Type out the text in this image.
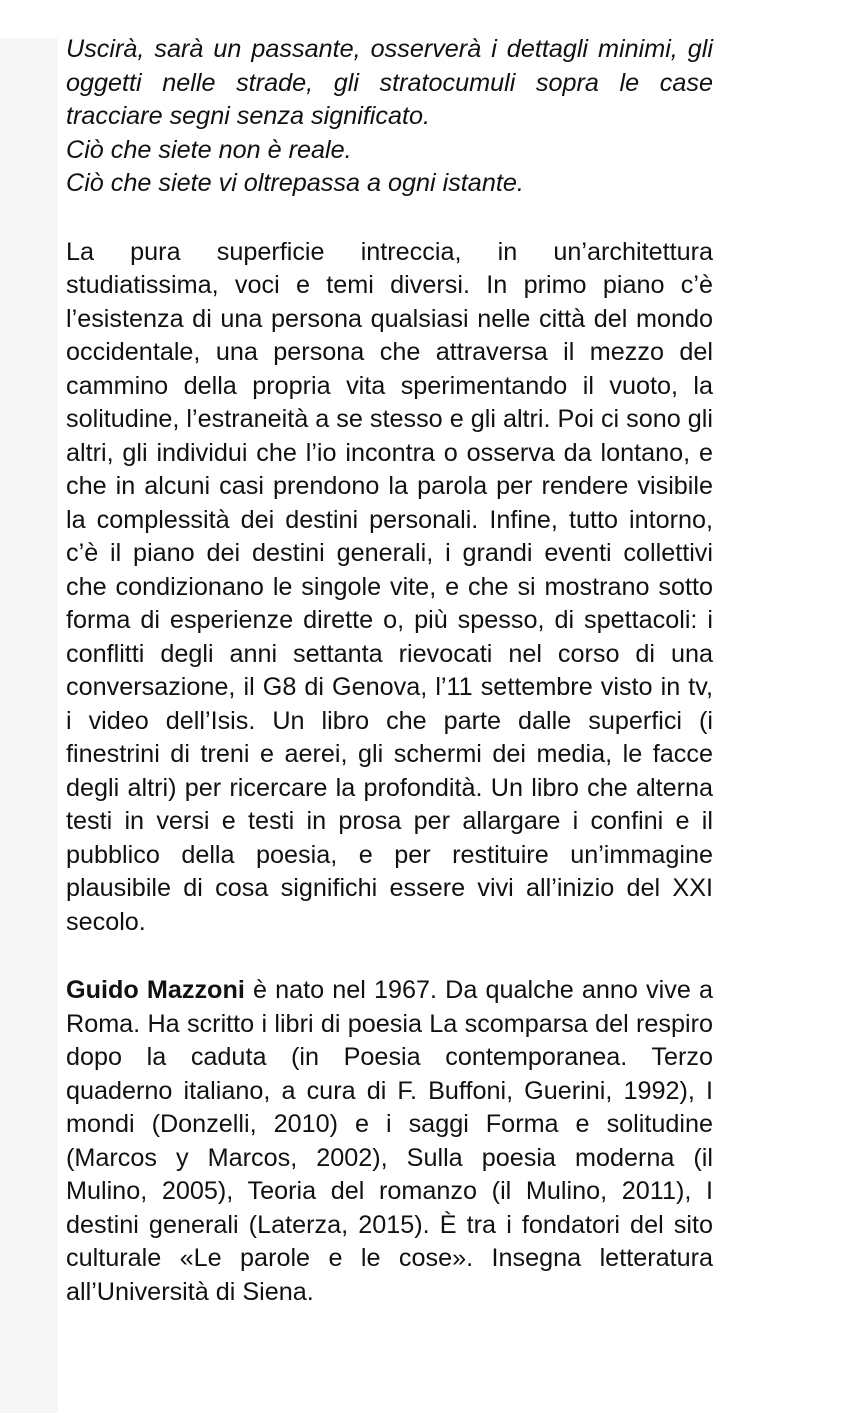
Uscirà, sarà un passante, osserverà i dettagli minimi, gli oggetti nelle strade, gli stratocumuli sopra le case tracciare segni senza significato.

Ciò che siete non è reale.

Ciò che siete vi oltrepassa a ogni istante.

La pura superficie intreccia, in un’architettura studiatissima, voci e temi diversi. In primo piano c’è l’esistenza di una persona qualsiasi nelle città del mondo occidentale, una persona che attraversa il mezzo del cammino della propria vita sperimentando il vuoto, la solitudine, l’estraneità a se stesso e gli altri. Poi ci sono gli altri, gli individui che l’io incontra o osserva da lontano, e che in alcuni casi prendono la parola per rendere visibile la complessità dei destini personali. Infine, tutto intorno, c’è il piano dei destini generali, i grandi eventi collettivi che condizionano le singole vite, e che si mostrano sotto forma di esperienze dirette o, più spesso, di spettacoli: i conflitti degli anni settanta rievocati nel corso di una conversazione, il G8 di Genova, l’11 settembre visto in tv, i video dell’Isis. Un libro che parte dalle superfici (i finestrini di treni e aerei, gli schermi dei media, le facce degli altri) per ricercare la profondità. Un libro che alterna testi in versi e testi in prosa per allargare i confini e il pubblico della poesia, e per restituire un’immagine plausibile di cosa significhi essere vivi all’inizio del XXI secolo.

Guido Mazzoni è nato nel 1967. Da qualche anno vive a Roma. Ha scritto i libri di poesia La scomparsa del respiro dopo la caduta (in Poesia contemporanea. Terzo quaderno italiano, a cura di F. Buffoni, Guerini, 1992), I mondi (Donzelli, 2010) e i saggi Forma e solitudine (Marcos y Marcos, 2002), Sulla poesia moderna (il Mulino, 2005), Teoria del romanzo (il Mulino, 2011), I destini generali (Laterza, 2015). È tra i fondatori del sito culturale «Le parole e le cose». Insegna letteratura all’Università di Siena.
